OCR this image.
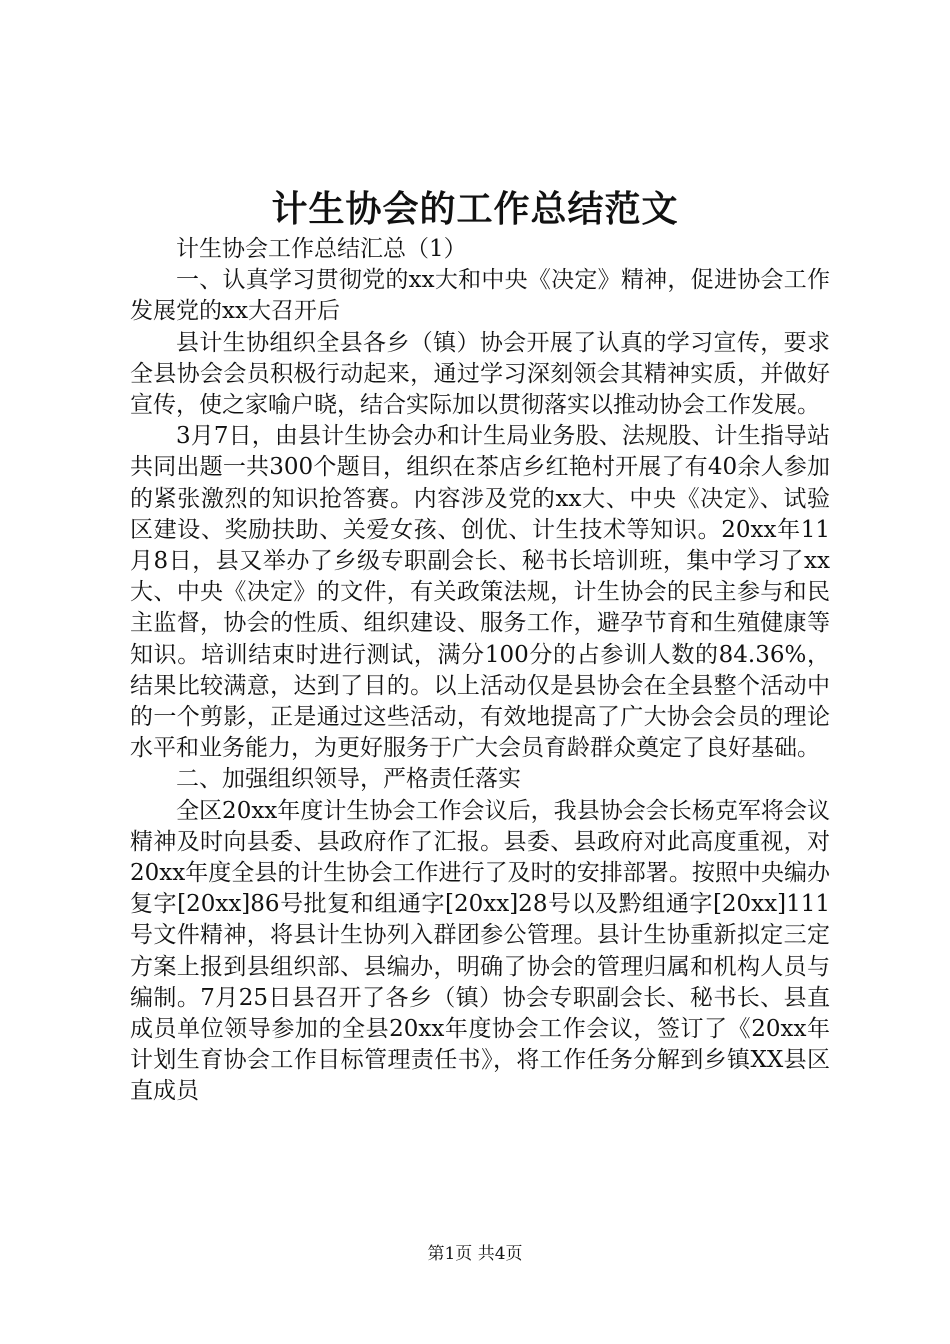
计生协会的工作总结范文

计生协会工作总结汇总（1）

一、认真学习贯彻党的xx大和中央《决定》精神，促进协会工作发展党的xx大召开后

县计生协组织全县各乡（镇）协会开展了认真的学习宣传，要求全县协会会员积极行动起来，通过学习深刻领会其精神实质，并做好宣传，使之家喻户晓，结合实际加以贯彻落实以推动协会工作发展。

3月7日，由县计生协会办和计生局业务股、法规股、计生指导站共同出题一共300个题目，组织在茶店乡红艳村开展了有40余人参加的紧张激烈的知识抢答赛。内容涉及党的xx大、中央《决定》、试验区建设、奖励扶助、关爱女孩、创优、计生技术等知识。20xx年11月8日，县又举办了乡级专职副会长、秘书长培训班，集中学习了xx大、中央《决定》的文件，有关政策法规，计生协会的民主参与和民主监督，协会的性质、组织建设、服务工作，避孕节育和生殖健康等知识。培训结束时进行测试，满分100分的占参训人数的84.36%，结果比较满意，达到了目的。以上活动仅是县协会在全县整个活动中的一个剪影，正是通过这些活动，有效地提高了广大协会会员的理论水平和业务能力，为更好服务于广大会员育龄群众奠定了良好基础。

二、加强组织领导，严格责任落实

全区20xx年度计生协会工作会议后，我县协会会长杨克军将会议精神及时向县委、县政府作了汇报。县委、县政府对此高度重视，对20xx年度全县的计生协会工作进行了及时的安排部署。按照中央编办复字[20xx]86号批复和组通字[20xx]28号以及黔组通字[20xx]111号文件精神，将县计生协列入群团参公管理。县计生协重新拟定三定方案上报到县组织部、县编办，明确了协会的管理归属和机构人员与编制。7月25日县召开了各乡（镇）协会专职副会长、秘书长、县直成员单位领导参加的全县20xx年度协会工作会议，签订了《20xx年计划生育协会工作目标管理责任书》，将工作任务分解到乡镇XX县区直成员

第1页 共4页
